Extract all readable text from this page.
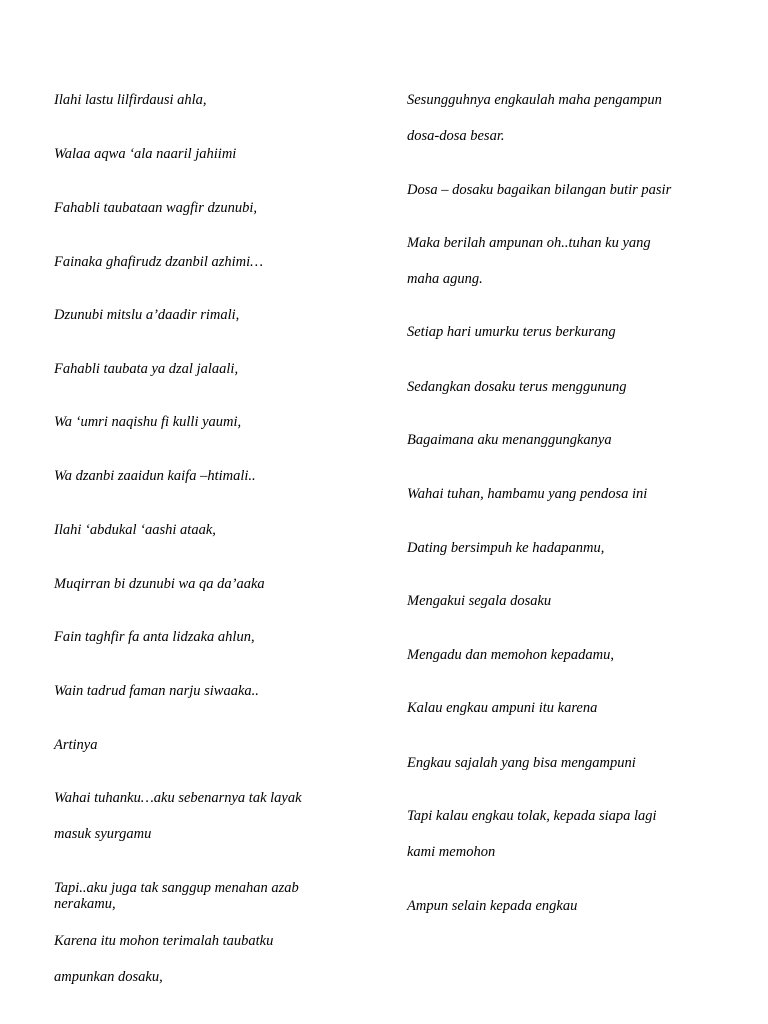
Ilahi lastu lilfirdausi ahla,
Walaa aqwa ‘ala naaril jahiimi
Fahabli taubataan wagfir dzunubi,
Fainaka ghafirudz dzanbil azhimi…
Dzunubi mitslu a’daadir rimali,
Fahabli taubata ya dzal jalaali,
Wa ‘umri naqishu fi kulli yaumi,
Wa dzanbi zaaidun kaifa –htimali..
Ilahi ‘abdukal ‘aashi ataak,
Muqirran bi dzunubi wa qa da’aaka
Fain taghfir fa anta lidzaka ahlun,
Wain tadrud faman narju siwaaka..
Artinya
Wahai tuhanku…aku sebenarnya tak layak
masuk syurgamu
Tapi..aku juga tak sanggup menahan azab nerakamu,
Karena itu mohon terimalah taubatku
ampunkan dosaku,
Sesungguhnya engkaulah maha pengampun
dosa-dosa besar.
Dosa – dosaku bagaikan bilangan butir pasir
Maka berilah ampunan oh..tuhan ku yang
maha agung.
Setiap hari umurku terus berkurang
Sedangkan dosaku terus menggunung
Bagaimana aku menanggungkanya
Wahai tuhan, hambamu yang pendosa ini
Dating bersimpuh ke hadapanmu,
Mengakui segala dosaku
Mengadu dan memohon kepadamu,
Kalau engkau ampuni itu karena
Engkau sajalah yang bisa mengampuni
Tapi kalau engkau tolak, kepada siapa lagi
kami memohon
Ampun selain kepada engkau
